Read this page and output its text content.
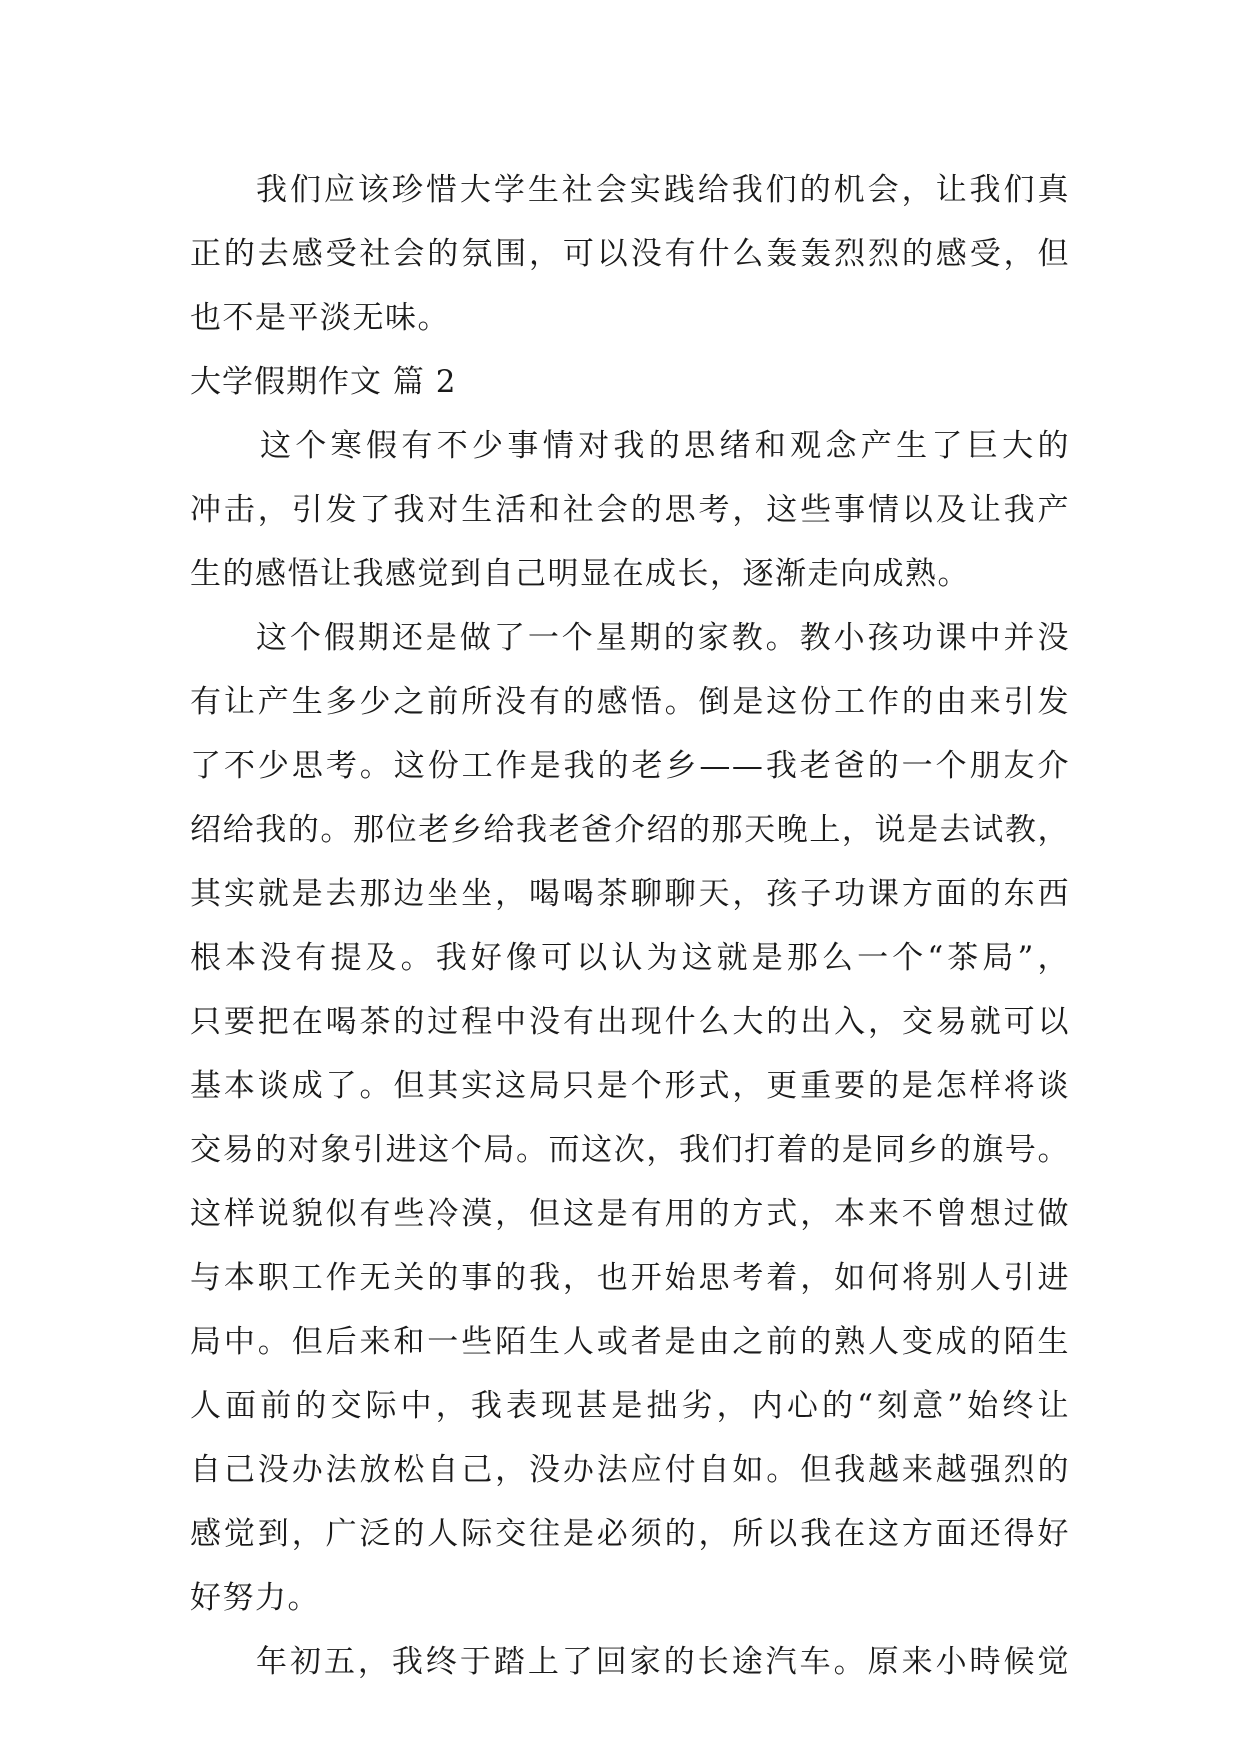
我们应该珍惜大学生社会实践给我们的机会，让我们真
正的去感受社会的氛围，可以没有什么轰轰烈烈的感受，但
也不是平淡无味。
大学假期作文 篇 2
这个寒假有不少事情对我的思绪和观念产生了巨大的
冲击，引发了我对生活和社会的思考，这些事情以及让我产
生的感悟让我感觉到自己明显在成长，逐渐走向成熟。
这个假期还是做了一个星期的家教。教小孩功课中并没
有让产生多少之前所没有的感悟。倒是这份工作的由来引发
了不少思考。这份工作是我的老乡——我老爸的一个朋友介
绍给我的。那位老乡给我老爸介绍的那天晚上，说是去试教，
其实就是去那边坐坐，喝喝茶聊聊天，孩子功课方面的东西
根本没有提及。我好像可以认为这就是那么一个“茶局”，
只要把在喝茶的过程中没有出现什么大的出入，交易就可以
基本谈成了。但其实这局只是个形式，更重要的是怎样将谈
交易的对象引进这个局。而这次，我们打着的是同乡的旗号。
这样说貌似有些冷漠，但这是有用的方式，本来不曾想过做
与本职工作无关的事的我，也开始思考着，如何将别人引进
局中。但后来和一些陌生人或者是由之前的熟人变成的陌生
人面前的交际中，我表现甚是拙劣，内心的“刻意”始终让
自己没办法放松自己，没办法应付自如。但我越来越强烈的
感觉到，广泛的人际交往是必须的，所以我在这方面还得好
好努力。
年初五，我终于踏上了回家的长途汽车。原来小時候觉
